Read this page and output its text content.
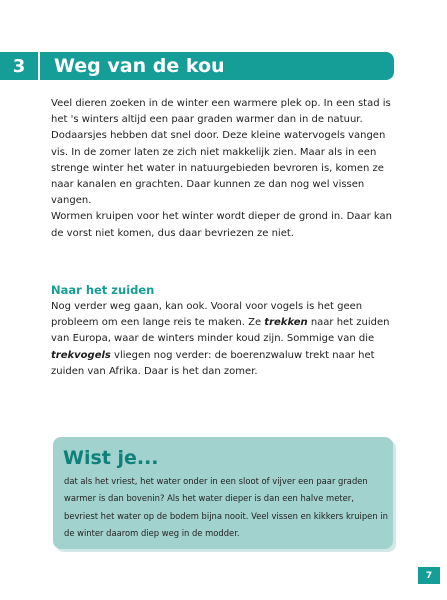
3	Weg van de kou

Veel dieren zoeken in de winter een warmere plek op. In een stad is het 's winters altijd een paar graden warmer dan in de natuur. Dodaarsjes hebben dat snel door. Deze kleine watervogels vangen vis. In de zomer laten ze zich niet makkelijk zien. Maar als in een strenge winter het water in natuurgebieden bevroren is, komen ze naar kanalen en grachten. Daar kunnen ze dan nog wel vissen vangen.

Wormen kruipen voor het winter wordt dieper de grond in. Daar kan de vorst niet komen, dus daar bevriezen ze niet.

Naar het zuiden

Nog verder weg gaan, kan ook. Vooral voor vogels is het geen probleem om een lange reis te maken. Ze trekken naar het zuiden van Europa, waar de winters minder koud zijn. Sommige van die trekvogels vliegen nog verder: de boerenzwaluw trekt naar het zuiden van Afrika. Daar is het dan zomer.

Wist je...
dat als het vriest, het water onder in een sloot of vijver een paar graden warmer is dan bovenin? Als het water dieper is dan een halve meter, bevriest het water op de bodem bijna nooit. Veel vissen en kikkers kruipen in de winter daarom diep weg in de modder.
7
